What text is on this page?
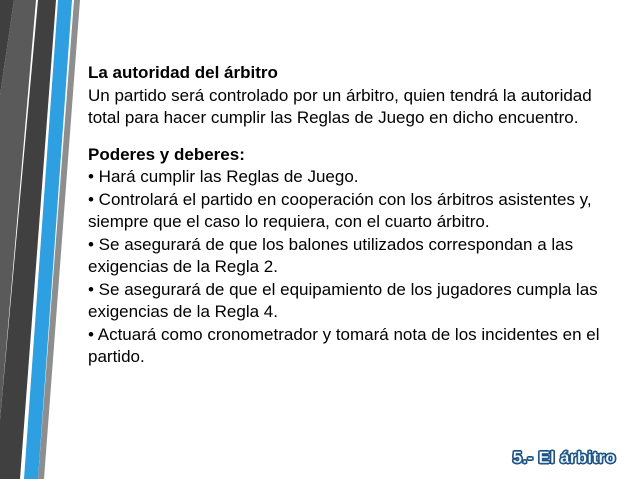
La autoridad del árbitro

Un partido será controlado por un árbitro, quien tendrá la autoridad total para hacer cumplir las Reglas de Juego en dicho encuentro.

Poderes y deberes:

• Hará cumplir las Reglas de Juego.

• Controlará el partido en cooperación con los árbitros asistentes y, siempre que el caso lo requiera, con el cuarto árbitro.

• Se asegurará de que los balones utilizados correspondan a las exigencias de la Regla 2.

• Se asegurará de que el equipamiento de los jugadores cumpla las exigencias de la Regla 4.

• Actuará como cronometrador y tomará nota de los incidentes en el partido.

5.- El árbitro
